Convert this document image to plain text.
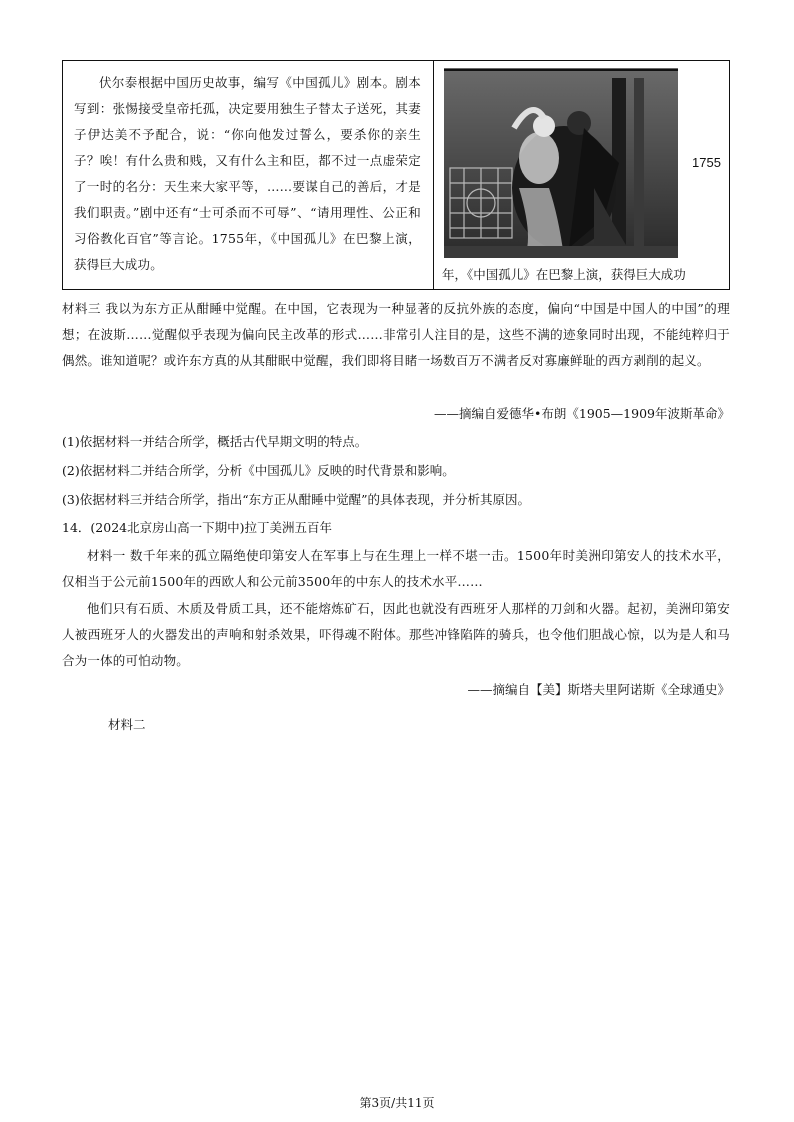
伏尔泰根据中国历史故事，编写《中国孤儿》剧本。剧本写到：张惕接受皇帝托孤，决定要用独生子替太子送死，其妻子伊达美不予配合，说：“你向他发过誓么，要杀你的亲生子？唉！有什么贵和贱，又有什么主和臣，都不过一点虚荣定了一时的名分：天生来大家平等，……要谋自己的善后，才是我们职责。”剧中还有“士可杀而不可辱”、“请用理性、公正和习俗教化百官”等言论。1755年，《中国孤儿》在巴黎上演，获得巨大成功。

1755
年，《中国孤儿》在巴黎上演，获得巨大成功

材料三 我以为东方正从酣睡中觉醒。在中国，它表现为一种显著的反抗外族的态度，偏向“中国是中国人的中国”的理想；在波斯……觉醒似乎表现为偏向民主改革的形式……非常引人注目的是，这些不满的迹象同时出现，不能纯粹归于偶然。谁知道呢？或许东方真的从其酣眠中觉醒，我们即将目睹一场数百万不满者反对寡廉鲜耻的西方剥削的起义。

——摘编自爱德华•布朗《1905—1909年波斯革命》
(1)依据材料一并结合所学，概括古代早期文明的特点。
(2)依据材料二并结合所学，分析《中国孤儿》反映的时代背景和影响。
(3)依据材料三并结合所学，指出“东方正从酣睡中觉醒”的具体表现，并分析其原因。
14．(2024北京房山高一下期中)拉丁美洲五百年

材料一 数千年来的孤立隔绝使印第安人在军事上与在生理上一样不堪一击。1500年时美洲印第安人的技术水平，仅相当于公元前1500年的西欧人和公元前3500年的中东人的技术水平……

他们只有石质、木质及骨质工具，还不能熔炼矿石，因此也就没有西班牙人那样的刀剑和火器。起初，美洲印第安人被西班牙人的火器发出的声响和射杀效果，吓得魂不附体。那些冲锋陷阵的骑兵，也令他们胆战心惊，以为是人和马合为一体的可怕动物。

——摘编自【美】斯塔夫里阿诺斯《全球通史》
材料二
第3页/共11页
